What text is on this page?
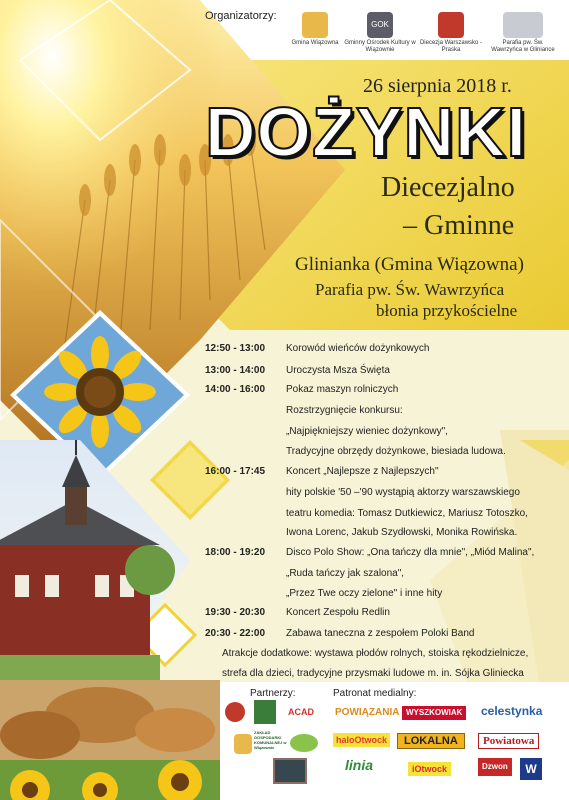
Organizatorzy:
Gmina Wiązowna
GOK
Gminny Ośrodek Kultury w Wiązownie
Diecezja Warszawsko - Praska
Parafia pw. Św. Wawrzyńca w Gliniance
26 sierpnia 2018 r.
DOŻYNKI
Diecezjalno
– Gminne
Glinianka (Gmina Wiązowna)
Parafia pw. Św. Wawrzyńca
błonia przykościelne
12:50 - 13:00 Korowód wieńców dożynkowych
13:00 - 14:00 Uroczysta Msza Święta
14:00 - 16:00 Pokaz maszyn rolniczych
Rozstrzygnięcie konkursu:
„Najpiękniejszy wieniec dożynkowy",
Tradycyjne obrzędy dożynkowe, biesiada ludowa.
16:00 - 17:45 Koncert „Najlepsze z Najlepszych"
hity polskie '50 –'90 wystąpią aktorzy warszawskiego
teatru komedia: Tomasz Dutkiewicz, Mariusz Totoszko,
Iwona Lorenc, Jakub Szydłowski, Monika Rowińska.
18:00 - 19:20 Disco Polo Show: „Ona tańczy dla mnie", „Miód Malina",
„Ruda tańczy jak szalona",
„Przez Twe oczy zielone" i inne hity
19:30 - 20:30 Koncert Zespołu Redlin
20:30 - 22:00 Zabawa taneczna z zespołem Poloki Band
Atrakcje dodatkowe: wystawa płodów rolnych, stoiska rękodzielnicze,
strefa dla dzieci, tradycyjne przysmaki ludowe m. in. Sójka Gliniecka
Partnerzy:	Patronat medialny:
ACAD
ZAKŁAD GOSPODARKI KOMUNALNEJ w Wiązownie
POWIĄZANIA WYSZKOWIAK	celestynka
haloOtwock	LOKALNA	Powiatowa
linia	iOtwock	Dzwon	W
